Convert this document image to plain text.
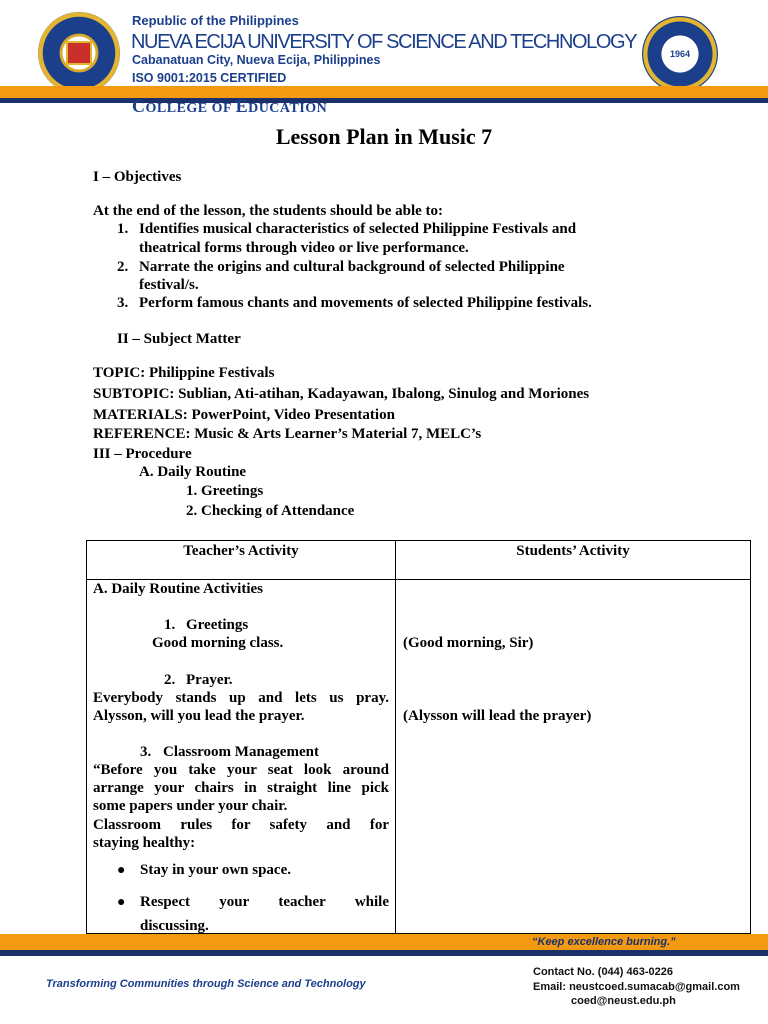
1964
Republic of the Philippines
NUEVA ECIJA UNIVERSITY OF SCIENCE AND TECHNOLOGY
Cabanatuan City, Nueva Ecija, Philippines
ISO 9001:2015 CERTIFIED
COLLEGE OF EDUCATION
Lesson Plan in Music 7
I – Objectives
At the end of the lesson, the students should be able to:
1. Identifies musical characteristics of selected Philippine Festivals and
theatrical forms through video or live performance.
2. Narrate the origins and cultural background of selected Philippine
festival/s.
3. Perform famous chants and movements of selected Philippine festivals.
II – Subject Matter
TOPIC: Philippine Festivals
SUBTOPIC: Sublian, Ati-atihan, Kadayawan, Ibalong, Sinulog and Moriones
MATERIALS: PowerPoint, Video Presentation
REFERENCE: Music & Arts Learner’s Material 7, MELC’s
III – Procedure
A. Daily Routine
1. Greetings
2. Checking of Attendance
Teacher’s Activity	Students’ Activity
A. Daily Routine Activities
1. Greetings
Good morning class.	(Good morning, Sir)
2. Prayer.
Everybody stands up and lets us pray.
Alysson, will you lead the prayer.	(Alysson will lead the prayer)
3. Classroom Management
“Before you take your seat look around
arrange your chairs in straight line pick
some papers under your chair.
Classroom rules for safety and for
staying healthy:
● Stay in your own space.
● Respect your teacher while
discussing.
“Keep excellence burning.”
Transforming Communities through Science and Technology
Contact No. (044) 463-0226
Email: neustcoed.sumacab@gmail.com
coed@neust.edu.ph
